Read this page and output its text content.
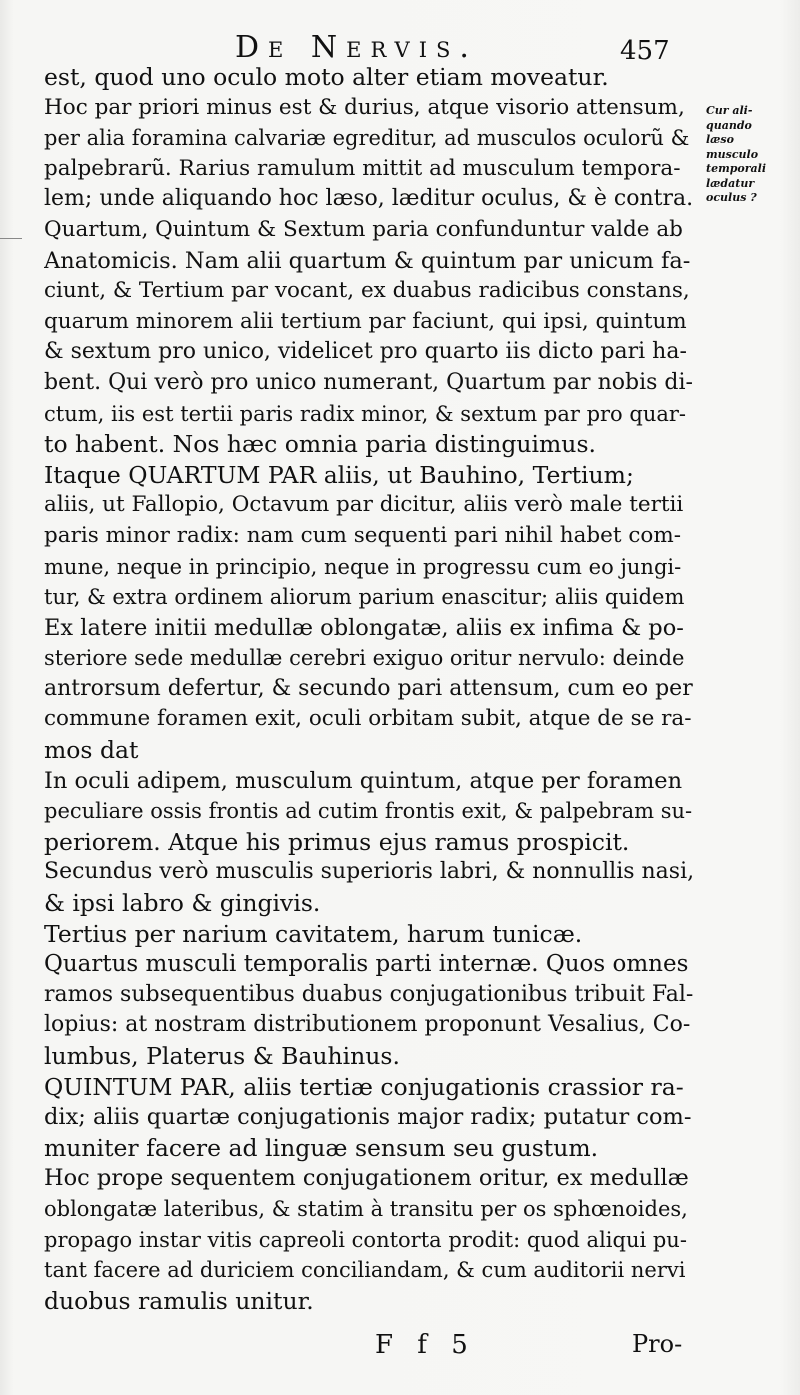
De Nervis.	457
est, quod uno oculo moto alter etiam moveatur.
Hoc par priori minus est & durius, atque visorio attensum,
per alia foramina calvariæ egreditur, ad musculos oculorũ &
palpebrarũ. Rarius ramulum mittit ad musculum tempora-
lem; unde aliquando hoc læso, læditur oculus, & è contra.
Quartum, Quintum & Sextum paria confunduntur valde ab
Anatomicis. Nam alii quartum & quintum par unicum fa-
ciunt, & Tertium par vocant, ex duabus radicibus constans,
quarum minorem alii tertium par faciunt, qui ipsi, quintum
& sextum pro unico, videlicet pro quarto iis dicto pari ha-
bent. Qui verò pro unico numerant, Quartum par nobis di-
ctum, iis est tertii paris radix minor, & sextum par pro quar-
to habent. Nos hæc omnia paria distinguimus.
Itaque QUARTUM PAR aliis, ut Bauhino, Tertium;
aliis, ut Fallopio, Octavum par dicitur, aliis verò male tertii
paris minor radix: nam cum sequenti pari nihil habet com-
mune, neque in principio, neque in progressu cum eo jungi-
tur, & extra ordinem aliorum parium enascitur; aliis quidem
Ex latere initii medullæ oblongatæ, aliis ex infima & po-
steriore sede medullæ cerebri exiguo oritur nervulo: deinde
antrorsum defertur, & secundo pari attensum, cum eo per
commune foramen exit, oculi orbitam subit, atque de se ra-
mos dat
In oculi adipem, musculum quintum, atque per foramen
peculiare ossis frontis ad cutim frontis exit, & palpebram su-
periorem. Atque his primus ejus ramus prospicit.
Secundus verò musculis superioris labri, & nonnullis nasi,
& ipsi labro & gingivis.
Tertius per narium cavitatem, harum tunicæ.
Quartus musculi temporalis parti internæ. Quos omnes
ramos subsequentibus duabus conjugationibus tribuit Fal-
lopius: at nostram distributionem proponunt Vesalius, Co-
lumbus, Platerus & Bauhinus.
QUINTUM PAR, aliis tertiæ conjugationis crassior ra-
dix; aliis quartæ conjugationis major radix; putatur com-
muniter facere ad linguæ sensum seu gustum.
Hoc prope sequentem conjugationem oritur, ex medullæ
oblongatæ lateribus, & statim à transitu per os sphœnoides,
propago instar vitis capreoli contorta prodit: quod aliqui pu-
tant facere ad duriciem conciliandam, & cum auditorii nervi
duobus ramulis unitur.
Cur ali-
quando
læso
musculo
temporali
lædatur
oculus ?
F f 5	Pro-
